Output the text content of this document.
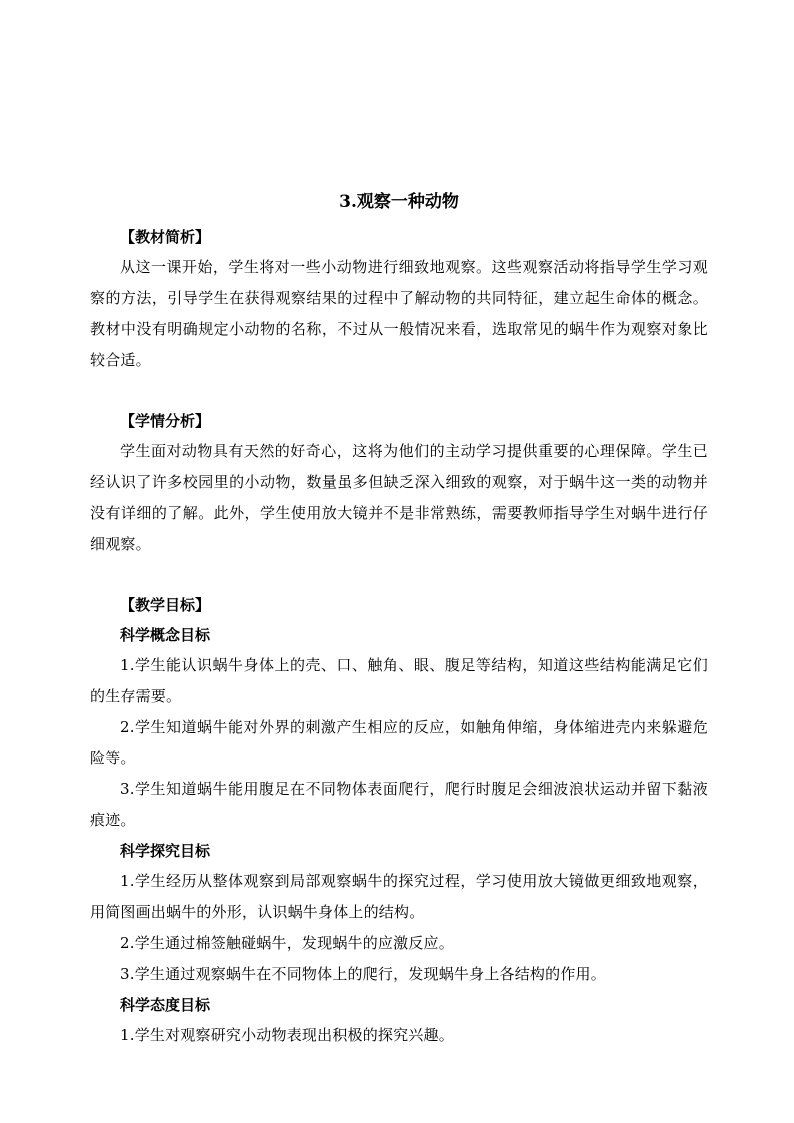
3.观察一种动物
【教材简析】

从这一课开始，学生将对一些小动物进行细致地观察。这些观察活动将指导学生学习观察的方法，引导学生在获得观察结果的过程中了解动物的共同特征，建立起生命体的概念。教材中没有明确规定小动物的名称，不过从一般情况来看，选取常见的蜗牛作为观察对象比较合适。

【学情分析】

学生面对动物具有天然的好奇心，这将为他们的主动学习提供重要的心理保障。学生已经认识了许多校园里的小动物，数量虽多但缺乏深入细致的观察，对于蜗牛这一类的动物并没有详细的了解。此外，学生使用放大镜并不是非常熟练，需要教师指导学生对蜗牛进行仔细观察。

【教学目标】
科学概念目标

1.学生能认识蜗牛身体上的壳、口、触角、眼、腹足等结构，知道这些结构能满足它们的生存需要。

2.学生知道蜗牛能对外界的刺激产生相应的反应，如触角伸缩，身体缩进壳内来躲避危险等。

3.学生知道蜗牛能用腹足在不同物体表面爬行，爬行时腹足会细波浪状运动并留下黏液痕迹。

科学探究目标

1.学生经历从整体观察到局部观察蜗牛的探究过程，学习使用放大镜做更细致地观察，用简图画出蜗牛的外形，认识蜗牛身体上的结构。

2.学生通过棉签触碰蜗牛，发现蜗牛的应激反应。

3.学生通过观察蜗牛在不同物体上的爬行，发现蜗牛身上各结构的作用。

科学态度目标

1.学生对观察研究小动物表现出积极的探究兴趣。
